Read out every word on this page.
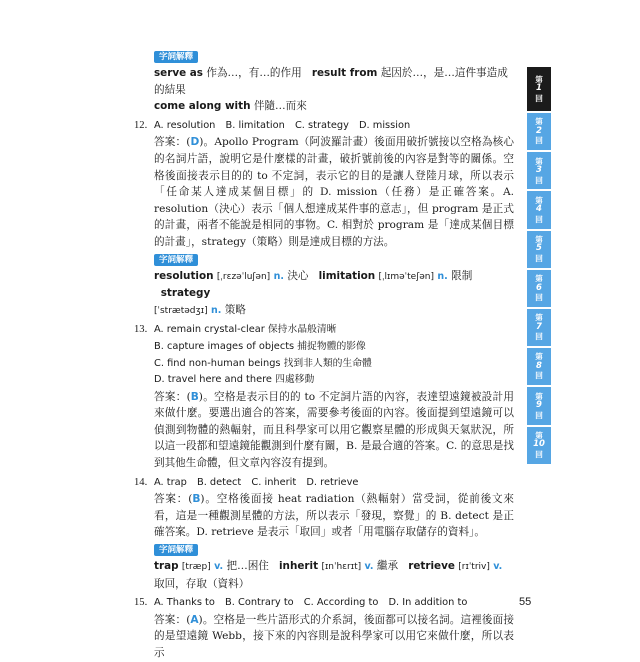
字詞解釋
serve as 作為…，有…的作用 result from 起因於…，是…這件事造成的結果
come along with 伴隨…而來
12. A. resolution B. limitation C. strategy D. mission
答案：(D)。Apollo Program（阿波羅計畫）後面用破折號接以空格為核心的名詞片語，說明它是什麼樣的計畫，破折號前後的內容是對等的關係。空格後面接表示目的的 to 不定詞，表示它的目的是讓人登陸月球，所以表示「任命某人達成某個目標」的 D. mission（任務）是正確答案。A. resolution（決心）表示「個人想達成某件事的意志」，但 program 是正式的計畫，兩者不能說是相同的事物。C. 相對於 program 是「達成某個目標的計畫」，strategy（策略）則是達成目標的方法。
字詞解釋
resolution [ˌrɛzəˈluʃən] n. 決心 limitation [ˌlɪməˈteʃən] n. 限制   strategy
[ˈstrætədʒɪ] n. 策略
13. A. remain crystal-clear 保持水晶般清晰
B. capture images of objects 捕捉物體的影像
C. find non-human beings 找到非人類的生命體
D. travel here and there 四處移動
答案：(B)。空格是表示目的的 to 不定詞片語的內容，表達望遠鏡被設計用來做什麼。要選出適合的答案，需要參考後面的內容。後面提到望遠鏡可以偵測到物體的熱輻射，而且科學家可以用它觀察星體的形成與天氣狀況，所以這一段都和望遠鏡能觀測到什麼有關，B. 是最合適的答案。C. 的意思是找到其他生命體，但文章內容沒有提到。
14. A. trap B. detect C. inherit D. retrieve
答案：(B)。空格後面接 heat radiation（熱輻射）當受詞，從前後文來看，這是一種觀測星體的方法，所以表示「發現，察覺」的 B. detect 是正確答案。D. retrieve 是表示「取回」或者「用電腦存取儲存的資料」。
字詞解釋
trap [træp] v. 把…困住 inherit [ɪnˈhɛrɪt] v. 繼承 retrieve [rɪˈtriv] v. 取回，存取（資料）
15. A. Thanks to B. Contrary to C. According to D. In addition to
答案：(A)。空格是一些片語形式的介系詞，後面都可以接名詞。這裡後面接的是望遠鏡 Webb，接下來的內容則是說科學家可以用它來做什麼，所以表示
第
1
回
第
2
回
第
3
回
第
4
回
第
5
回
第
6
回
第
7
回
第
8
回
第
9
回
第
10
回
55
